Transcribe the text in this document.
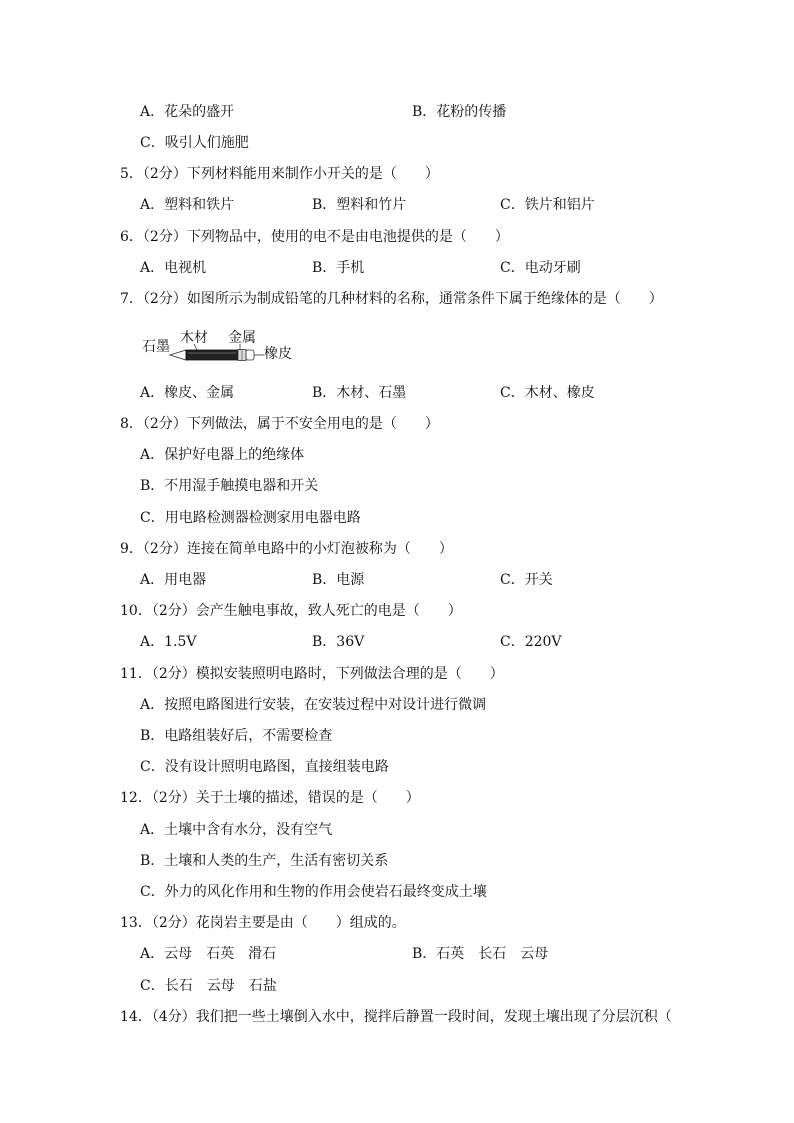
A．花朵的盛开	B．花粉的传播
C．吸引人们施肥
5．（2分）下列材料能用来制作小开关的是（　　）
A．塑料和铁片	B．塑料和竹片	C．铁片和铝片
6．（2分）下列物品中，使用的电不是由电池提供的是（　　）
A．电视机	B．手机	C．电动牙刷
7．（2分）如图所示为制成铅笔的几种材料的名称，通常条件下属于绝缘体的是（　　）
石墨
木材 金属
橡皮
A．橡皮、金属	B．木材、石墨	C．木材、橡皮
8．（2分）下列做法，属于不安全用电的是（　　）
A．保护好电器上的绝缘体
B．不用湿手触摸电器和开关
C．用电路检测器检测家用电器电路
9．（2分）连接在简单电路中的小灯泡被称为（　　）
A．用电器	B．电源	C．开关
10．（2分）会产生触电事故，致人死亡的电是（　　）
A．1.5V	B．36V	C．220V
11．（2分）模拟安装照明电路时，下列做法合理的是（　　）
A．按照电路图进行安装，在安装过程中对设计进行微调
B．电路组装好后，不需要检查
C．没有设计照明电路图，直接组装电路
12．（2分）关于土壤的描述，错误的是（　　）
A．土壤中含有水分，没有空气
B．土壤和人类的生产，生活有密切关系
C．外力的风化作用和生物的作用会使岩石最终变成土壤
13．（2分）花岗岩主要是由（　　）组成的。
A．云母　石英　滑石	B．石英　长石　云母
C．长石　云母　石盐
14．（4分）我们把一些土壤倒入水中，搅拌后静置一段时间，发现土壤出现了分层沉积（
